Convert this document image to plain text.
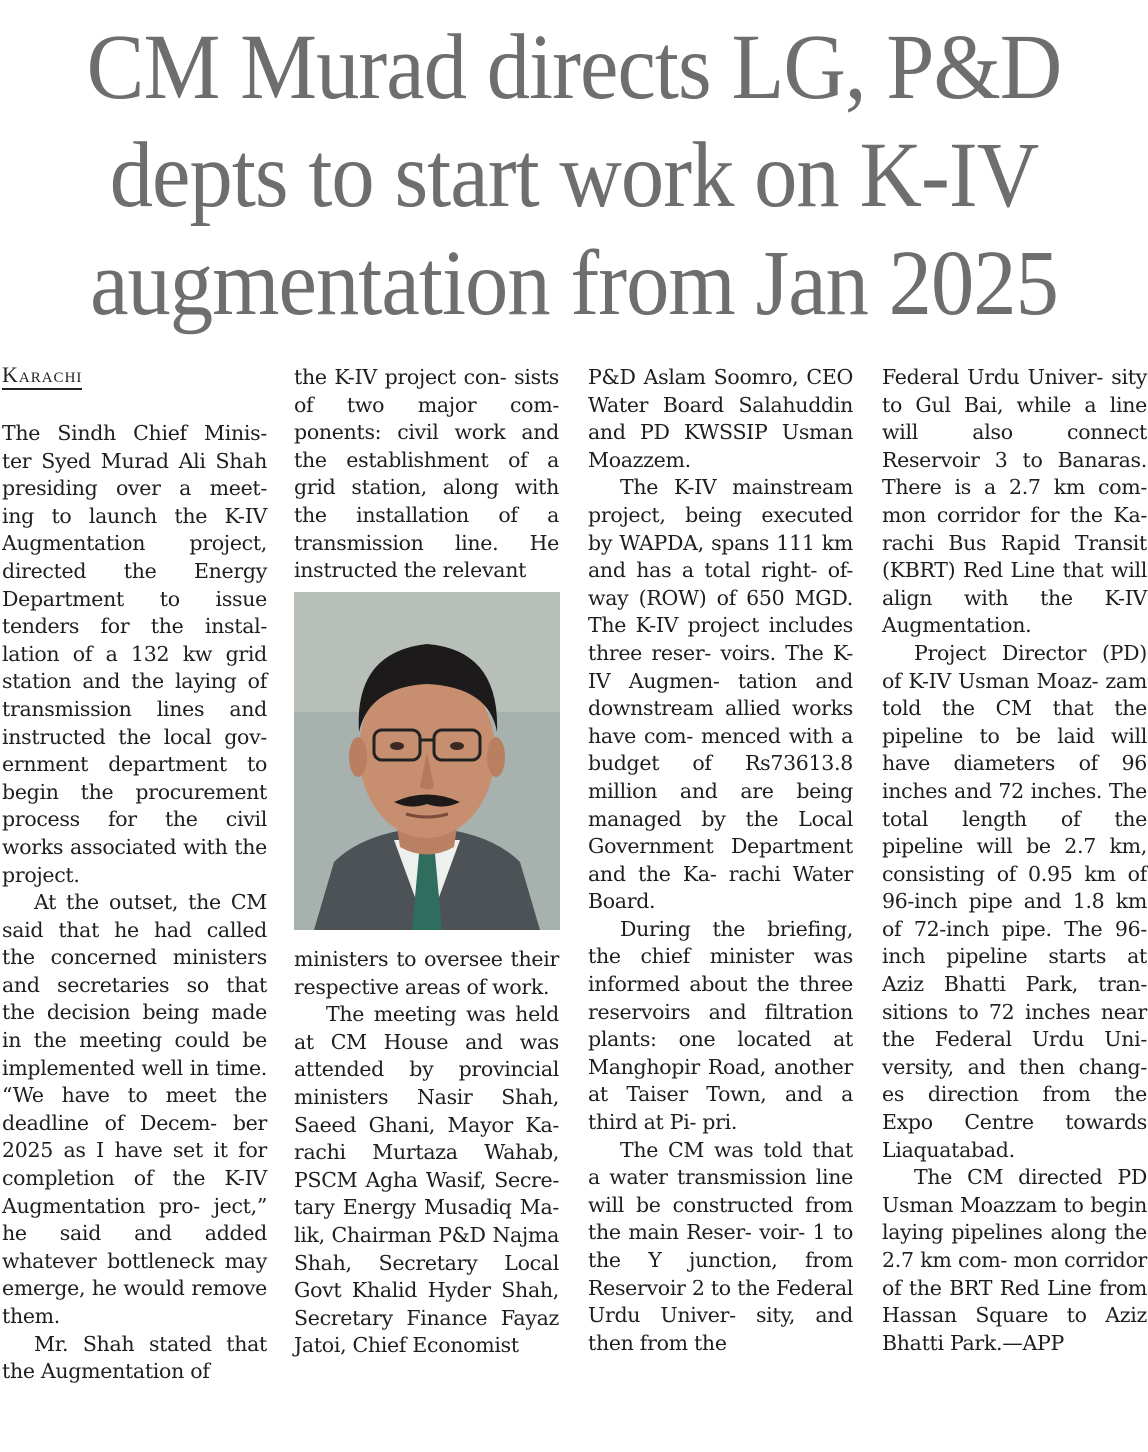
CM Murad directs LG, P&D depts to start work on K-IV augmentation from Jan 2025
Karachi

The Sindh Chief Minis- ter Syed Murad Ali Shah presiding over a meet- ing to launch the K-IV Augmentation project, directed the Energy Department to issue tenders for the instal- lation of a 132 kw grid station and the laying of transmission lines and instructed the local gov- ernment department to begin the procurement process for the civil works associated with the project.

At the outset, the CM said that he had called the concerned ministers and secretaries so that the decision being made in the meeting could be implemented well in time. “We have to meet the deadline of Decem- ber 2025 as I have set it for completion of the K-IV Augmentation pro- ject,” he said and added whatever bottleneck may emerge, he would remove them.

Mr. Shah stated that the Augmentation of

the K-IV project con- sists of two major com- ponents: civil work and the establishment of a grid station, along with the installation of a transmission line. He instructed the relevant

ministers to oversee their respective areas of work.

The meeting was held at CM House and was attended by provincial ministers Nasir Shah, Saeed Ghani, Mayor Ka- rachi Murtaza Wahab, PSCM Agha Wasif, Secre- tary Energy Musadiq Ma- lik, Chairman P&D Najma Shah, Secretary Local Govt Khalid Hyder Shah, Secretary Finance Fayaz Jatoi, Chief Economist

P&D Aslam Soomro, CEO Water Board Salahuddin and PD KWSSIP Usman Moazzem.

The K-IV mainstream project, being executed by WAPDA, spans 111 km and has a total right- of-way (ROW) of 650 MGD. The K-IV project includes three reser- voirs. The K-IV Augmen- tation and downstream allied works have com- menced with a budget of Rs73613.8 million and are being managed by the Local Government Department and the Ka- rachi Water Board.

During the briefing, the chief minister was informed about the three reservoirs and filtration plants: one located at Manghopir Road, another at Taiser Town, and a third at Pi- pri.

The CM was told that a water transmission line will be constructed from the main Reser- voir- 1 to the Y junction, from Reservoir 2 to the Federal Urdu Univer- sity, and then from the

Federal Urdu Univer- sity to Gul Bai, while a line will also connect Reservoir 3 to Banaras. There is a 2.7 km com- mon corridor for the Ka- rachi Bus Rapid Transit (KBRT) Red Line that will align with the K-IV Augmentation.

Project Director (PD) of K-IV Usman Moaz- zam told the CM that the pipeline to be laid will have diameters of 96 inches and 72 inches. The total length of the pipeline will be 2.7 km, consisting of 0.95 km of 96-inch pipe and 1.8 km of 72-inch pipe. The 96- inch pipeline starts at Aziz Bhatti Park, tran- sitions to 72 inches near the Federal Urdu Uni- versity, and then chang- es direction from the Expo Centre towards Liaquatabad.

The CM directed PD Usman Moazzam to begin laying pipelines along the 2.7 km com- mon corridor of the BRT Red Line from Hassan Square to Aziz Bhatti Park.—APP
